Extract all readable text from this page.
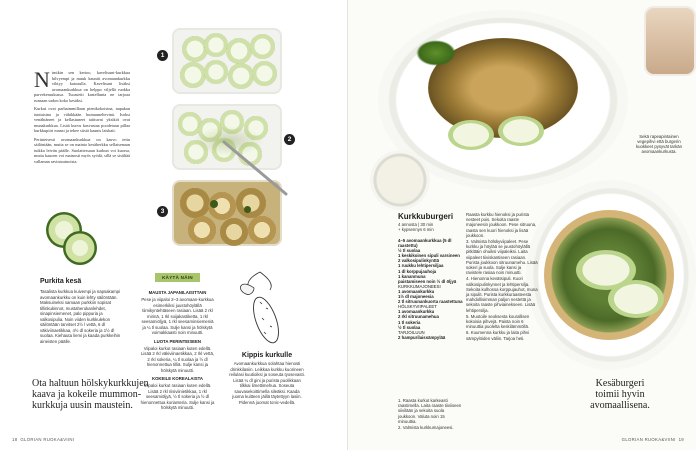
N imikin sen kertoo, kaveltsunt-kurkkua hilvyempi ja muuk kauniit avomaankurkku vihtyy katoaulla. Kaveltsunt lisäksi avomaankurkkua on helppo viljellä ruokka parvekeruukussa. Tuoasetti kastellunta ne tarjoaa runsaan sadon koko kesäksi.

Kurkut ovat parhaimmillaan pienikokoisina, napakan tuntuisina ja vähikkään humuuneltevinä. Isoksi venähtäneet ja kellastuneet taittuvat yksiköt ovat munakurkkua. Lisää kurvu kasvustaa poodetaan pillaa kurkkupiiri mansi ja tekee siistä kaunis laiskatt.

Perinteisesti avomaankurkkua on kasvo tettu säilöntään, mutta se on mainio kesäherkku sellaisenaan tuikka leivän päälle. Suolattessaan kurkun voi kuorsa, mutta kauoen voi mainosti myös syödä, sillä se sisältää vallaman ravintoainoista.

1
2
3
Purkita kesä
Tasalista kurkkua kuivempi ja napsakampi avomaankurkku on kuin lehty säilöntään. Maksuineksi samaan purkkiin sopisat tillinkukinnot, mustaherukanlehdet, sinapinsiemenet, palo pippuria ja valkosipulia. Noin viiden kurkkulekon säilöntään tarvitset 2½ l vettä, 6 dl väkiviinaetikkaa, 4½ dl sokeria ja 1½ dl suolaa. Kiehauta liemi ja kaada purkkeihin aineisten päälle.
Ota haltuun hölskykurkkujen kaava ja kokeile mummon-kurkkuja uusin maustein.
KÄYTÄ NÄIN
MAUSTA JAPANILAISITTAIN
Pese ja viipaloi 2–3 avomaan-kurkkua esimerkiksi juustohöylällä tiimikyntehtäseen rasiaan. Lisää 2 rkl mirinä, 1 rkl soijakastiketta, 1 rkl seesamiöljyä, 1 rkl seesaminsiemeniä ja ¼ tl suolaa. Sulje kansi ja hölskytä voimakkaasti noin minuutti.
LUOTA PERINTEISEEN
Viipaloi kurkut rasiaan kuten edellä. Lisää 2 rkl väkiviinaetikkaa, 2 rkl vettä, 2 rkl sokeria, ¼ tl suolaa ja ½ dl hienonnettua tilliä. Sulje kansi ja hölskytä minuutti.
KOKEILE KOREALAISTA
Viipaloi kurkut rasiaan kuten edellä. Lisää 2 rkl riisiviinietikkaa, 1 rkl seesamiöljyä, ½ tl sokeria ja ½ dl hienonnettua korianteria. Sulje kansi ja hölskytä minuutti.
Kippis kurkulle
Avomaankurkkua solahtaa hienosti drinkkilasiin. Leikkaa kurkku kuorineen reilulasi kuutioiksi ja soseuta tyosevasti. Lisää ¼ dl gini ja purista puolikkaan tilkkai limettimehua. Soseuta sauvasekoittimella sileäksi. Kaada juoma kuitteen jäillä täytettyyn lasiin. Pidennä juomat tonic-vedellä.
18 GLORIAN RUOKA&VIINI
Sekä rapeapintainen vegepihvi että burgerin kuokkeet pysyvät tarkän avomaankurkusta.
Kurkkuburgeri
4 annosta | 30 min
+ kypsennys 6 min
4–5 avomaankurkkua (5 dl raastettu)
½ tl suolaa
1 keskikoinen sipuli varsineen
2 valkosipulinkynttä
1 ruukku lehtipersiljaa
1 dl korppujauhoja
1 kananmuna
paistamiseen noin ½ dl öljyä
KURKKUMAJONEESI
1 avomaankurkku
1½ dl majoneesia
2 tl sitruunankuorta raastettuna
HÖLSKYVIIPALEET
1 avomaankurkku
2 rkl sitruunamehua
1 tl sokeria
½ tl suolaa
TARJOILUUN
2 hampurilaissämpylää
1. Raasta kurkut karkeasti raastimella. Laita raaste tiiviiseen siivilään ja sekoita suola joukkoon. Valuta noin 15 minuuttia.
2. Valmista kurkkumajoneesi.
Raasta kurkku hienoksi ja purista nesteet pois. Sekoita raaste majoneesin joukkoon. Pese sitruuna, raasta sen kuori hienoksi ja lisää joukkoon.
3. Valmista hölskyviipaleet. Pese kurkku ja höylää se juustohöylällä pitkittäin ohuiksi viipaleiksi. Laita viipaleet tiiviskantiseen rasiaan. Purista joukkoon sitruunamehu. Lisää sokeri ja suola. Sulje kansi ja ravistele rasiaa noin minuutti.
4. Hienonna kevätsipuli. Kuori valkosipulinkynnet ja lehtipersilja. Sekoita kulhossa korppujauhot, muna ja sipulit. Purista kurkkuraasteesta mahdollisimman paljon nestettä ja sekoita raaste pihviainekseen. Lisää lehtipersilja.
5. Muotoile seoksesta kourallisen kokoisia pihvejä. Paista noin 6 minuuttia puolelta keskilämmöllä.
6. Kuumenna kurkku ja laita pihvi sämpylöiden väliin. Tarjoa heti.
Kesäburgeri toimii hyvin avomaallisena.
GLORIAN RUOKA&VIINI 19
